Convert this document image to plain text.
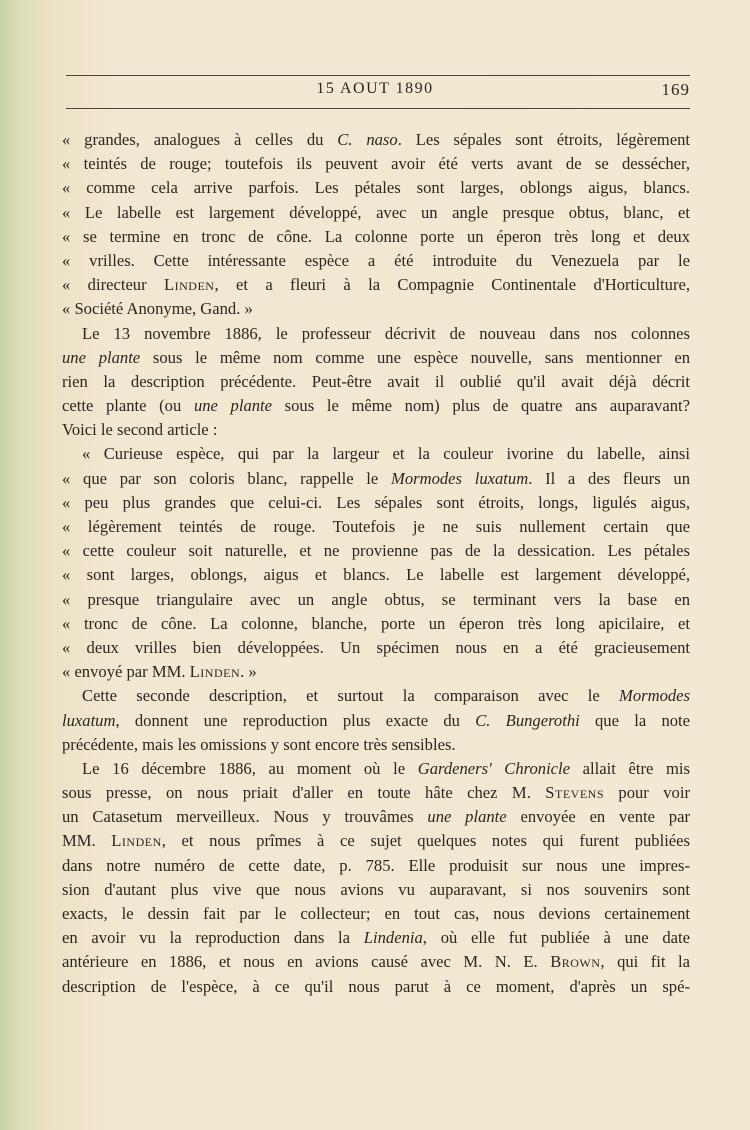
15 AOUT 1890	169
« grandes, analogues à celles du C. naso. Les sépales sont étroits, légèrement
« teintés de rouge; toutefois ils peuvent avoir été verts avant de se dessécher,
« comme cela arrive parfois. Les pétales sont larges, oblongs aigus, blancs.
« Le labelle est largement développé, avec un angle presque obtus, blanc, et
« se termine en tronc de cône. La colonne porte un éperon très long et deux
« vrilles. Cette intéressante espèce a été introduite du Venezuela par le
« directeur Linden, et a fleuri à la Compagnie Continentale d'Horticulture,
« Société Anonyme, Gand. »
Le 13 novembre 1886, le professeur décrivit de nouveau dans nos colonnes
une plante sous le même nom comme une espèce nouvelle, sans mentionner en
rien la description précédente. Peut-être avait il oublié qu'il avait déjà décrit
cette plante (ou une plante sous le même nom) plus de quatre ans auparavant?
Voici le second article :
« Curieuse espèce, qui par la largeur et la couleur ivorine du labelle, ainsi
« que par son coloris blanc, rappelle le Mormodes luxatum. Il a des fleurs un
« peu plus grandes que celui-ci. Les sépales sont étroits, longs, ligulés aigus,
« légèrement teintés de rouge. Toutefois je ne suis nullement certain que
« cette couleur soit naturelle, et ne provienne pas de la dessication. Les pétales
« sont larges, oblongs, aigus et blancs. Le labelle est largement développé,
« presque triangulaire avec un angle obtus, se terminant vers la base en
« tronc de cône. La colonne, blanche, porte un éperon très long apicilaire, et
« deux vrilles bien développées. Un spécimen nous en a été gracieusement
« envoyé par MM. Linden. »
Cette seconde description, et surtout la comparaison avec le Mormodes
luxatum, donnent une reproduction plus exacte du C. Bungerothi que la note
précédente, mais les omissions y sont encore très sensibles.
Le 16 décembre 1886, au moment où le Gardeners' Chronicle allait être mis
sous presse, on nous priait d'aller en toute hâte chez M. Stevens pour voir
un Catasetum merveilleux. Nous y trouvâmes une plante envoyée en vente par
MM. Linden, et nous prîmes à ce sujet quelques notes qui furent publiées
dans notre numéro de cette date, p. 785. Elle produisit sur nous une impres-
sion d'autant plus vive que nous avions vu auparavant, si nos souvenirs sont
exacts, le dessin fait par le collecteur; en tout cas, nous devions certainement
en avoir vu la reproduction dans la Lindenia, où elle fut publiée à une date
antérieure en 1886, et nous en avions causé avec M. N. E. Brown, qui fit la
description de l'espèce, à ce qu'il nous parut à ce moment, d'après un spé-
